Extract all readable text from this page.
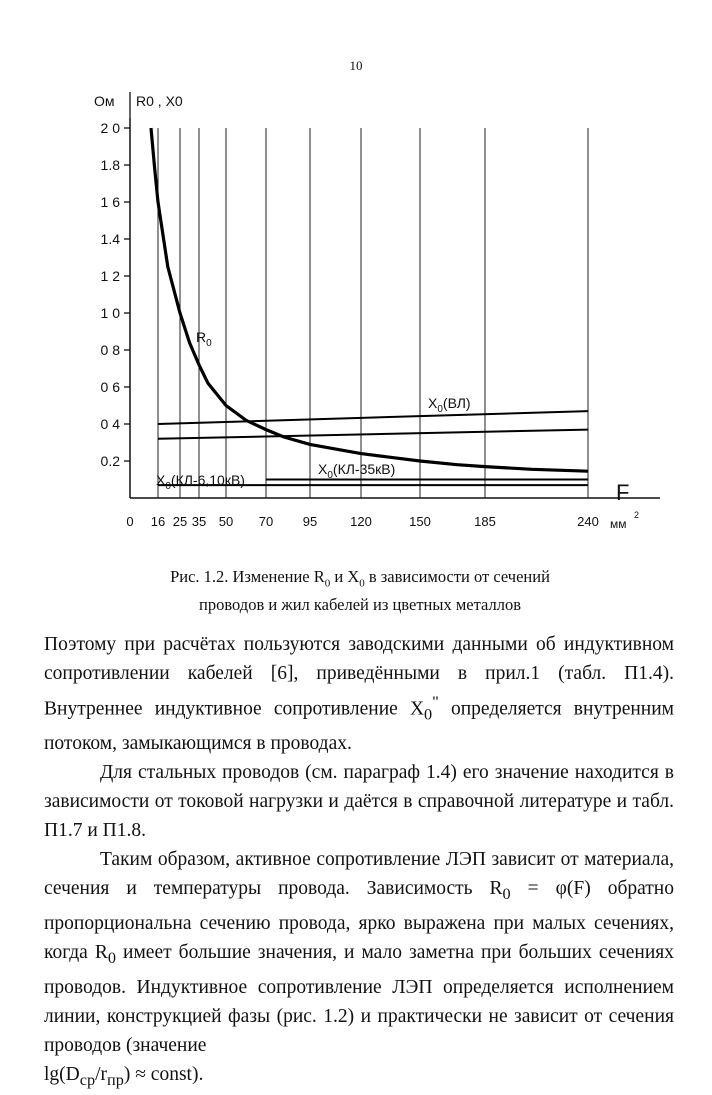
10
0.2
0 4
0 6
0 8
1 0
1 2
1.4
1 6
1.8
2 0
0 16 25 35 50 70 95	120	150	185	240
Ом R0 , X0
F
мм
2
$R_0$
$X_0(ВЛ)$
$X_0(КЛ-35кВ)$
$X_0(КЛ-6,10кВ)$
Рис. 1.2. Изменение $R_0$ и $X_0$ в зависимости от сечений
проводов и жил кабелей из цветных металлов

Поэтому при расчётах пользуются заводскими данными об индуктивном сопротивлении кабелей [6], приведёнными в прил.1 (табл. П1.4). Внутреннее индуктивное сопротивление $X_0^"$ определяется внутренним потоком, замыкающимся в проводах.

Для стальных проводов (см. параграф 1.4) его значение находится в зависимости от токовой нагрузки и даётся в справочной литературе и табл. П1.7 и П1.8.

Таким образом, активное сопротивление ЛЭП зависит от материала, сечения и температуры провода. Зависимость $R_0 = \varphi(F)$ обратно пропорциональна сечению провода, ярко выражена при малых сечениях, когда $R_0$ имеет большие значения, и мало заметна при больших сечениях проводов. Индуктивное сопротивление ЛЭП определяется исполнением линии, конструкцией фазы (рис. 1.2) и практически не зависит от сечения проводов (значение
$\lg(D_{ср}/r_{пр})$ ≈ const).
